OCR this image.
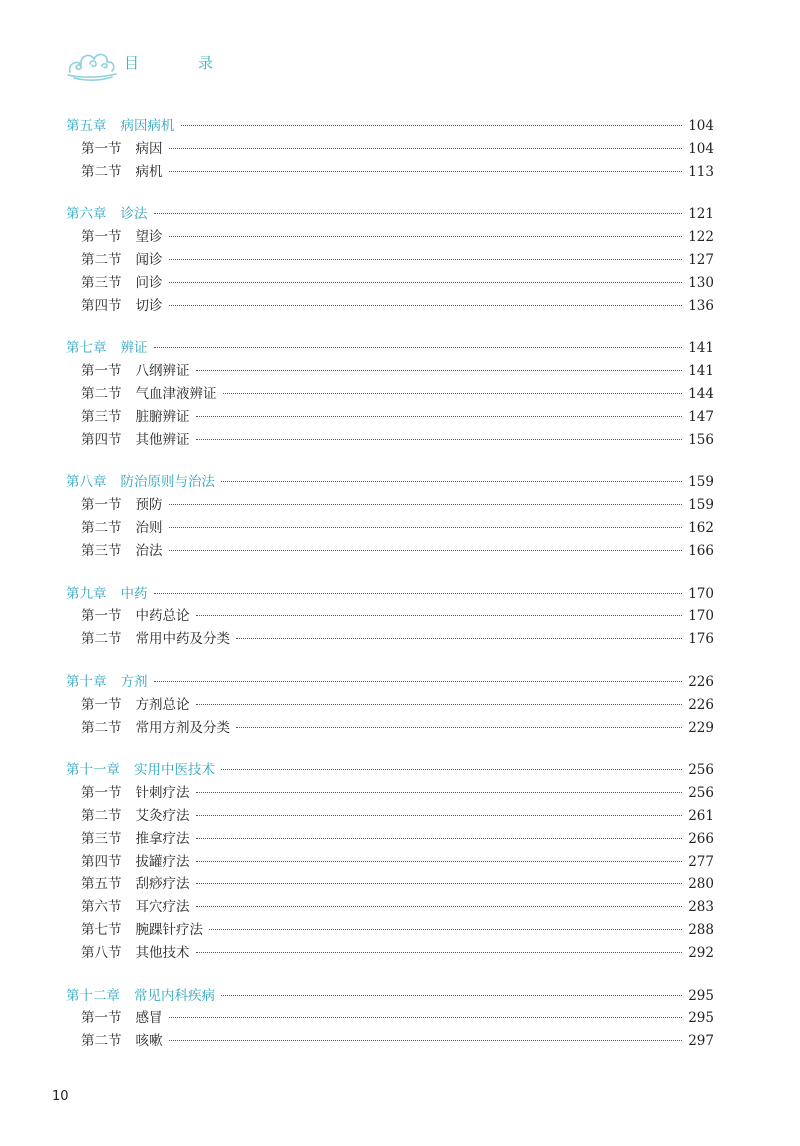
目　录
第五章 病因病机	104
第一节 病因	104
第二节 病机	113
第六章 诊法	121
第一节 望诊	122
第二节 闻诊	127
第三节 问诊	130
第四节 切诊	136
第七章 辨证	141
第一节 八纲辨证	141
第二节 气血津液辨证	144
第三节 脏腑辨证	147
第四节 其他辨证	156
第八章 防治原则与治法	159
第一节 预防	159
第二节 治则	162
第三节 治法	166
第九章 中药	170
第一节 中药总论	170
第二节 常用中药及分类	176
第十章 方剂	226
第一节 方剂总论	226
第二节 常用方剂及分类	229
第十一章 实用中医技术	256
第一节 针刺疗法	256
第二节 艾灸疗法	261
第三节 推拿疗法	266
第四节 拔罐疗法	277
第五节 刮痧疗法	280
第六节 耳穴疗法	283
第七节 腕踝针疗法	288
第八节 其他技术	292
第十二章 常见内科疾病	295
第一节 感冒	295
第二节 咳嗽	297
10
